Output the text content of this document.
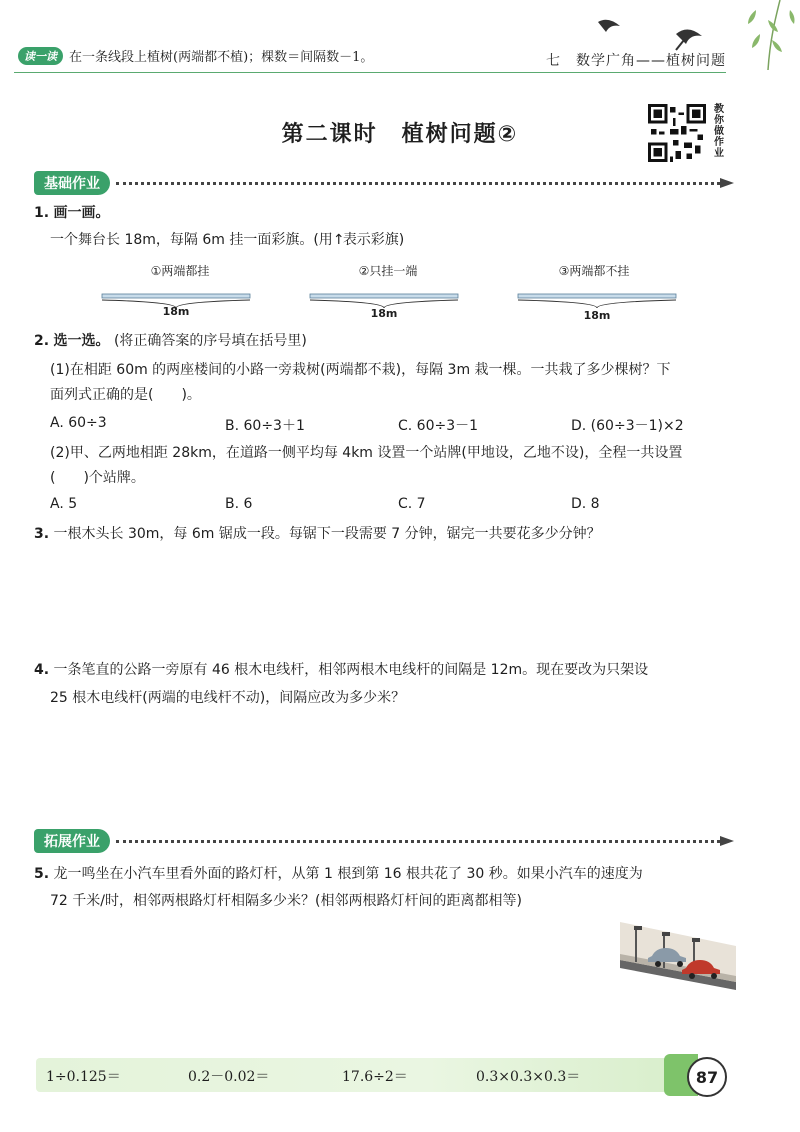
读一读 在一条线段上植树(两端都不植)；棵数＝间隔数－1。	七　数学广角——植树问题
第二课时　植树问题②
教你做作业
基础作业
1. 画一画。
一个舞台长 18m，每隔 6m 挂一面彩旗。(用↑表示彩旗)
①两端都挂	②只挂一端	③两端都不挂
18m	18m	18m
2. 选一选。 (将正确答案的序号填在括号里)
(1)在相距 60m 的两座楼间的小路一旁栽树(两端都不栽)，每隔 3m 栽一棵。一共栽了多少棵树？下
面列式正确的是(　　)。
A. 60÷3	B. 60÷3＋1	C. 60÷3－1	D. (60÷3－1)×2
(2)甲、乙两地相距 28km，在道路一侧平均每 4km 设置一个站牌(甲地设，乙地不设)，全程一共设置
(　　)个站牌。
A. 5	B. 6	C. 7	D. 8
3. 一根木头长 30m，每 6m 锯成一段。每锯下一段需要 7 分钟，锯完一共要花多少分钟？
4. 一条笔直的公路一旁原有 46 根木电线杆，相邻两根木电线杆的间隔是 12m。现在要改为只架设
25 根木电线杆(两端的电线杆不动)，间隔应改为多少米？
拓展作业
5. 龙一鸣坐在小汽车里看外面的路灯杆，从第 1 根到第 16 根共花了 30 秒。如果小汽车的速度为
72 千米/时，相邻两根路灯杆相隔多少米？(相邻两根路灯杆间的距离都相等)
1÷0.125＝	0.2－0.02＝	17.6÷2＝	0.3×0.3×0.3＝	87
